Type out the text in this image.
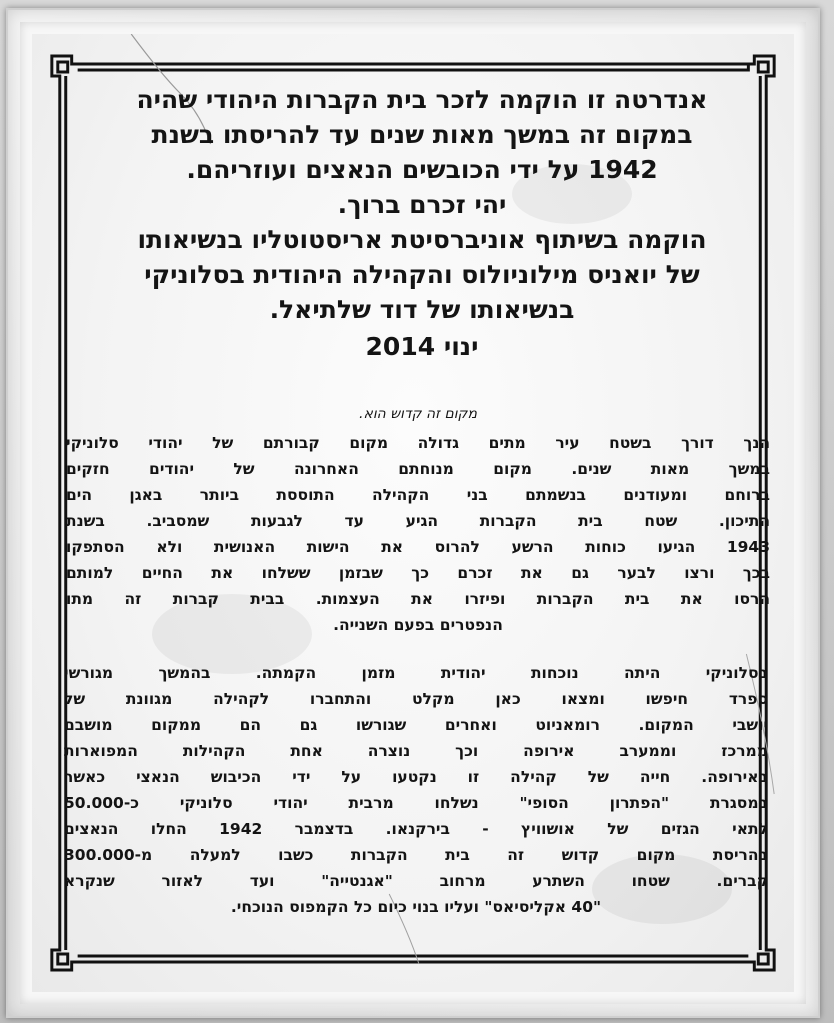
אנדרטה זו הוקמה לזכר בית הקברות היהודי שהיה
במקום זה במשך מאות שנים עד להריסתו בשנת
1942 על ידי הכובשים הנאצים ועוזריהם.
יהי זכרם ברוך.
הוקמה בשיתוף אוניברסיטת אריסטוטליו בנשיאותו
של יואניס מילוניולוס והקהילה היהודית בסלוניקי
בנשיאותו של דוד שלתיאל.
ינוי 2014
מקום זה קדוש הוא.
הנך דורך בשטח עיר מתים גדולה מקום קבורתם של יהודי סלוניקי
במשך מאות שנים. מקום מנוחתם האחרונה של יהודים חזקים
ברוחם ומעודנים בנשמתם בני הקהילה התוססת ביותר באגן הים
התיכון. שטח בית הקברות הגיע עד לגבעות שמסביב. בשנת
1943 הגיעו כוחות הרשע להרוס את הישות האנושית ולא הסתפקו
בכך ורצו לבער גם את זכרם כך שבזמן ששלחו את החיים למותם
הרסו את בית הקברות ופיזרו את העצמות. בבית קברות זה מתו
הנפטרים בפעם השנייה.
בסלוניקי היתה נוכחות יהודית מזמן הקמתה. בהמשך מגורשי
ספרד חיפשו ומצאו כאן מקלט והתחברו לקהילה מגוונת של
יושבי המקום. רומאניוט ואחרים שגורשו גם הם ממקום מושבם
ממרכז וממערב אירופה וכך נוצרה אחת הקהילות המפוארות
באירופה. חייה של קהילה זו נקטעו על ידי הכיבוש הנאצי כאשר
במסגרת "הפתרון הסופי" נשלחו מרבית יהודי סלוניקי כ-50.000
לתאי הגזים של אושוויץ - בירקנאו. בדצמבר 1942 החלו הנאצים
בהריסת מקום קדוש זה בית הקברות כשבו למעלה מ-300.000
קברים. שטחו השתרע מרחוב "אגנטייה" ועד לאזור שנקרא
"40 אקליסיאס" ועליו בנוי כיום כל הקמפוס הנוכחי.
